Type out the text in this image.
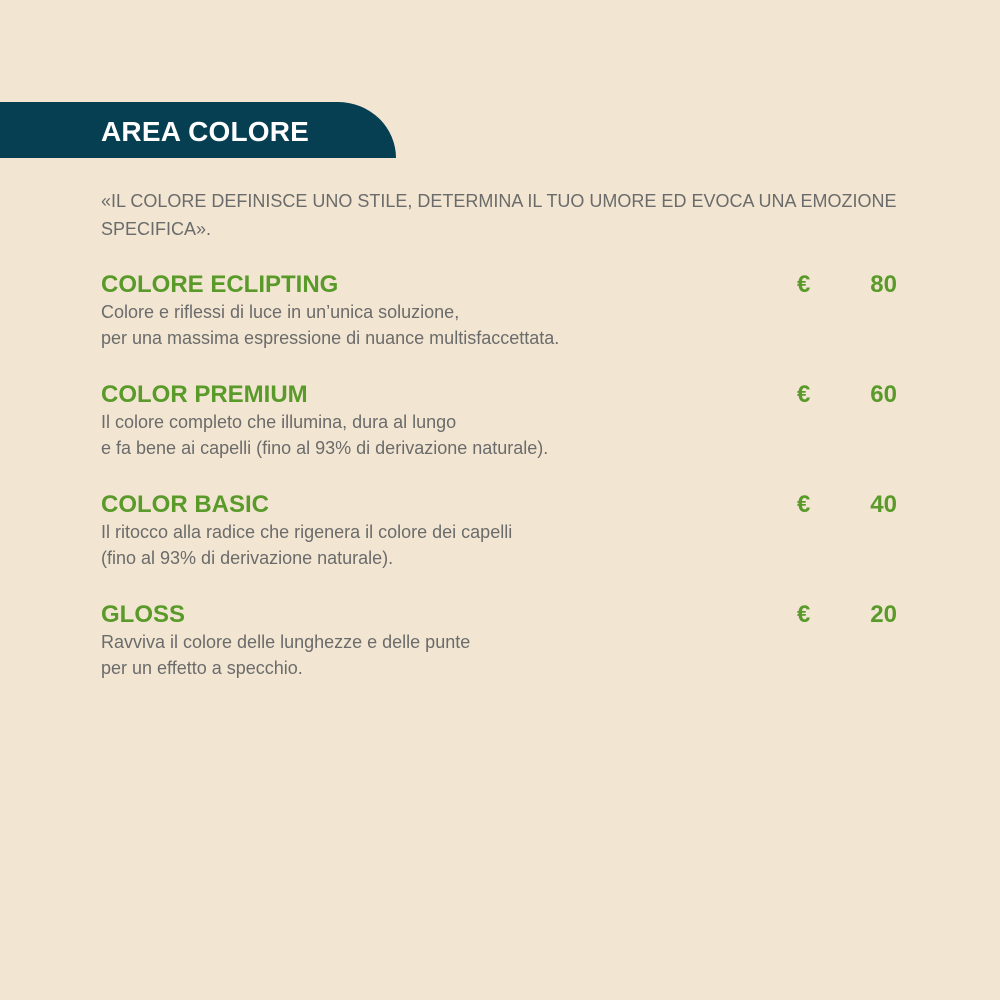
AREA COLORE

«IL COLORE DEFINISCE UNO STILE, DETERMINA IL TUO UMORE ED EVOCA UNA EMOZIONE SPECIFICA».

COLORE ECLIPTING	€ 80
Colore e riflessi di luce in un’unica soluzione,
per una massima espressione di nuance multisfaccettata.
COLOR PREMIUM	€ 60
Il colore completo che illumina, dura al lungo
e fa bene ai capelli (fino al 93% di derivazione naturale).
COLOR BASIC	€ 40
Il ritocco alla radice che rigenera il colore dei capelli
(fino al 93% di derivazione naturale).
GLOSS	€ 20
Ravviva il colore delle lunghezze e delle punte
per un effetto a specchio.
